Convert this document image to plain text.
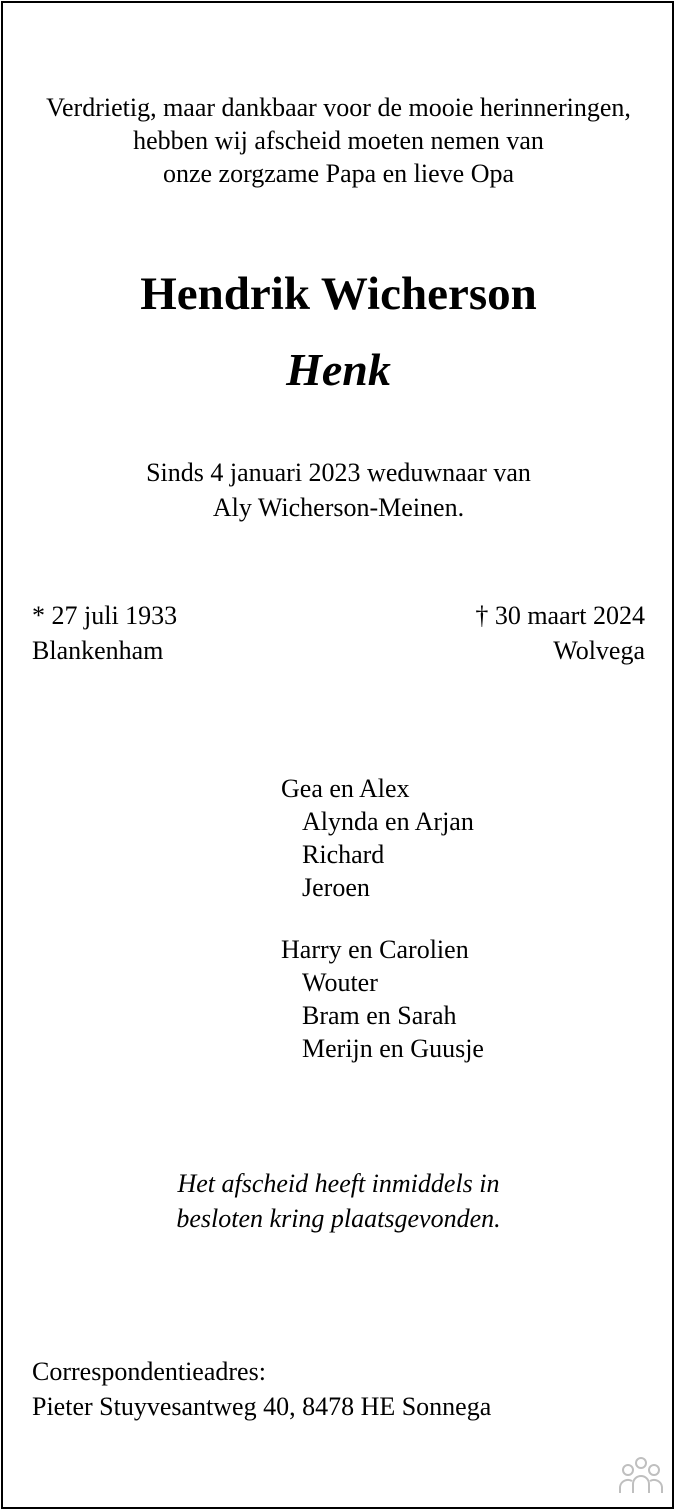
Verdrietig, maar dankbaar voor de mooie herinneringen,
hebben wij afscheid moeten nemen van
onze zorgzame Papa en lieve Opa
Hendrik Wicherson
Henk
Sinds 4 januari 2023 weduwnaar van
Aly Wicherson-Meinen.
* 27 juli 1933	† 30 maart 2024
Blankenham	Wolvega
Gea en Alex
Alynda en Arjan
Richard
Jeroen
Harry en Carolien
Wouter
Bram en Sarah
Merijn en Guusje
Het afscheid heeft inmiddels in
besloten kring plaatsgevonden.
Correspondentieadres:
Pieter Stuyvesantweg 40, 8478 HE Sonnega
